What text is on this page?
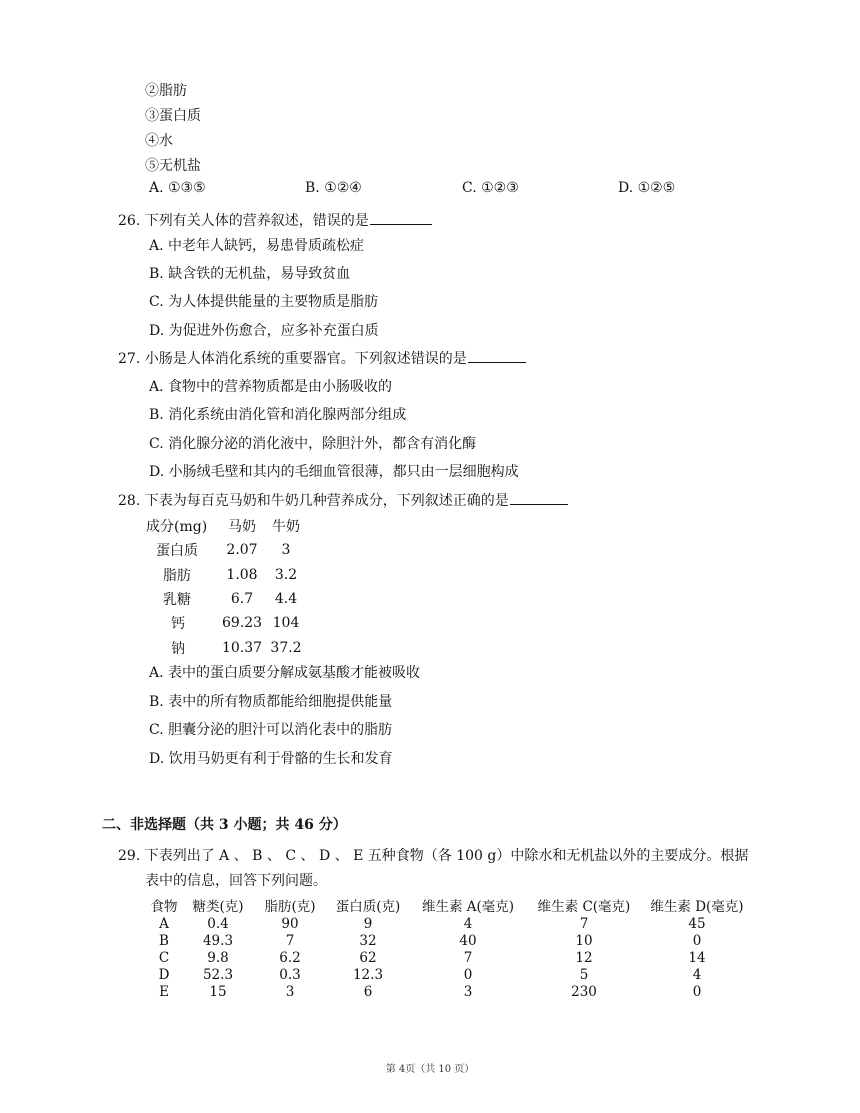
②脂肪
③蛋白质
④水
⑤无机盐
A. ①③⑤	B. ①②④	C. ①②③	D. ①②⑤
26. 下列有关人体的营养叙述，错误的是
A. 中老年人缺钙，易患骨质疏松症
B. 缺含铁的无机盐，易导致贫血
C. 为人体提供能量的主要物质是脂肪
D. 为促进外伤愈合，应多补充蛋白质
27. 小肠是人体消化系统的重要器官。下列叙述错误的是
A. 食物中的营养物质都是由小肠吸收的
B. 消化系统由消化管和消化腺两部分组成
C. 消化腺分泌的消化液中，除胆汁外，都含有消化酶
D. 小肠绒毛壁和其内的毛细血管很薄，都只由一层细胞构成
28. 下表为每百克马奶和牛奶几种营养成分，下列叙述正确的是
成分(mg)	马奶	牛奶
蛋白质	2.07	3
脂肪	1.08	3.2
乳糖	6.7	4.4
钙	69.23	104
钠	10.37	37.2
A. 表中的蛋白质要分解成氨基酸才能被吸收
B. 表中的所有物质都能给细胞提供能量
C. 胆囊分泌的胆汁可以消化表中的脂肪
D. 饮用马奶更有利于骨骼的生长和发育
二、非选择题（共 3 小题；共 46 分）
29. 下表列出了 A 、 B 、 C 、 D 、 E 五种食物（各 100 g）中除水和无机盐以外的主要成分。根据
表中的信息，回答下列问题。
食物	糖类(克)	脂肪(克)	蛋白质(克)	维生素 A(毫克)	维生素 C(毫克)	维生素 D(毫克)
A	0.4	90	9	4	7	45
B	49.3	7	32	40	10	0
C	9.8	6.2	62	7	12	14
D	52.3	0.3	12.3	0	5	4
E	15	3	6	3	230	0
第 4页（共 10 页）
